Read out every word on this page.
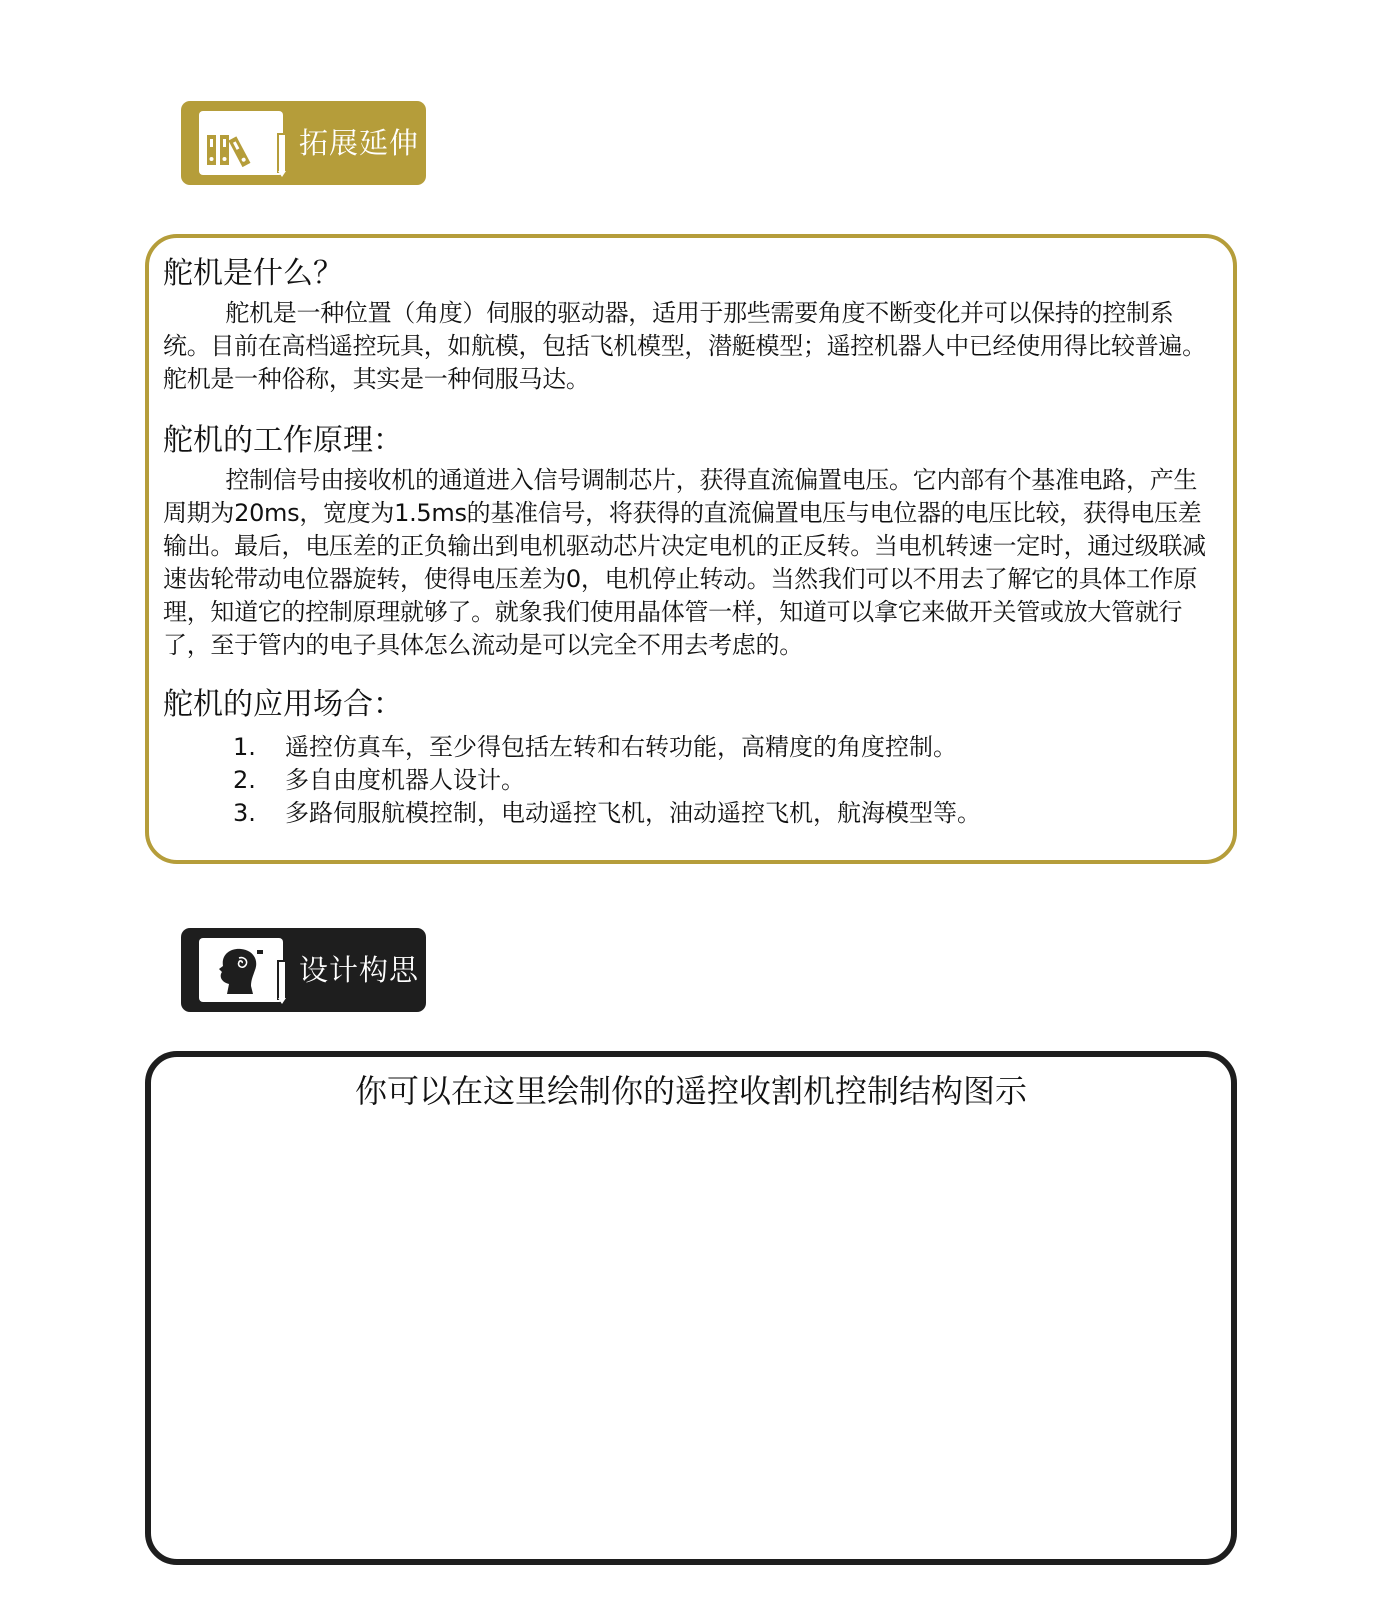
拓展延伸
舵机是什么？

舵机是一种位置（角度）伺服的驱动器，适用于那些需要角度不断变化并可以保持的控制系统。目前在高档遥控玩具，如航模，包括飞机模型，潜艇模型；遥控机器人中已经使用得比较普遍。舵机是一种俗称，其实是一种伺服马达。

舵机的工作原理：

控制信号由接收机的通道进入信号调制芯片，获得直流偏置电压。它内部有个基准电路，产生周期为20ms，宽度为1.5ms的基准信号，将获得的直流偏置电压与电位器的电压比较，获得电压差输出。最后，电压差的正负输出到电机驱动芯片决定电机的正反转。当电机转速一定时，通过级联减速齿轮带动电位器旋转，使得电压差为0，电机停止转动。当然我们可以不用去了解它的具体工作原理，知道它的控制原理就够了。就象我们使用晶体管一样，知道可以拿它来做开关管或放大管就行了，至于管内的电子具体怎么流动是可以完全不用去考虑的。

舵机的应用场合：
1.	遥控仿真车，至少得包括左转和右转功能，高精度的角度控制。
2.	多自由度机器人设计。
3.	多路伺服航模控制，电动遥控飞机，油动遥控飞机，航海模型等。
设计构思
你可以在这里绘制你的遥控收割机控制结构图示
